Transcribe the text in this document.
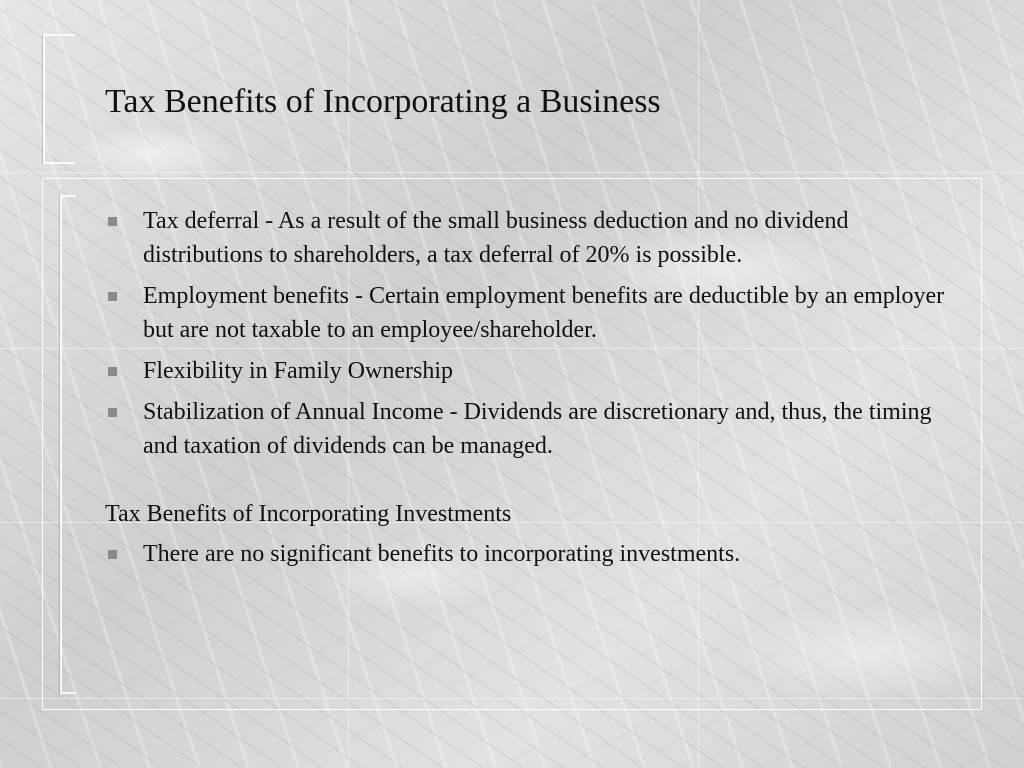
Tax Benefits of Incorporating a Business
Tax deferral - As a result of the small business deduction and no dividend distributions to shareholders, a tax deferral of 20% is possible.
Employment benefits - Certain employment benefits are deductible by an employer but are not taxable to an employee/shareholder.
Flexibility in Family Ownership
Stabilization of Annual Income - Dividends are discretionary and, thus, the timing and taxation of dividends can be managed.
Tax Benefits of Incorporating Investments
There are no significant benefits to incorporating investments.
